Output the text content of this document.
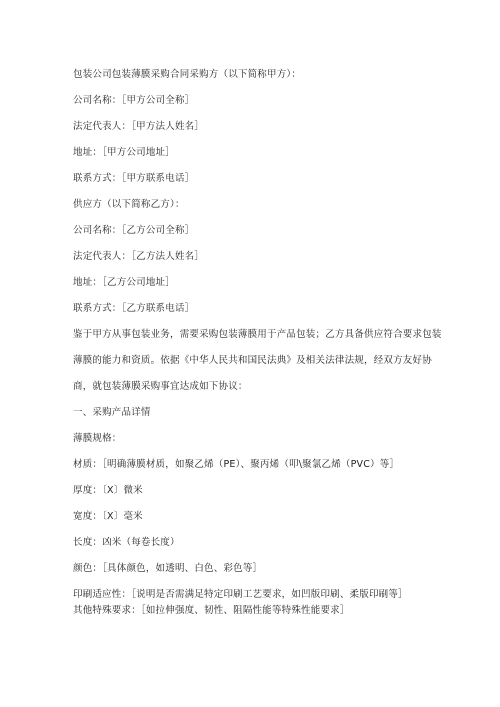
包装公司包装薄膜采购合同采购方（以下简称甲方）：
公司名称：［甲方公司全称］
法定代表人：［甲方法人姓名］
地址：［甲方公司地址］
联系方式：［甲方联系电话］
供应方（以下简称乙方）：
公司名称：［乙方公司全称］
法定代表人：［乙方法人姓名］
地址：［乙方公司地址］
联系方式：［乙方联系电话］
鉴于甲方从事包装业务，需要采购包装薄膜用于产品包装；乙方具备供应符合要求包装
薄膜的能力和资质。依据《中华人民共和国民法典》及相关法律法规，经双方友好协
商，就包装薄膜采购事宜达成如下协议：
一、采购产品详情
薄膜规格：
材质：［明确薄膜材质，如聚乙烯（PE）、聚丙烯（叩\聚氯乙烯（PVC）等］
厚度：〔X〕微米
宽度：〔X〕毫米
长度：凶米（每卷长度）
颜色：［具体颜色，如透明、白色、彩色等］
印刷适应性：［说明是否需满足特定印刷工艺要求，如凹版印刷、柔版印刷等］
其他特殊要求：［如拉伸强度、韧性、阻隔性能等特殊性能要求］
